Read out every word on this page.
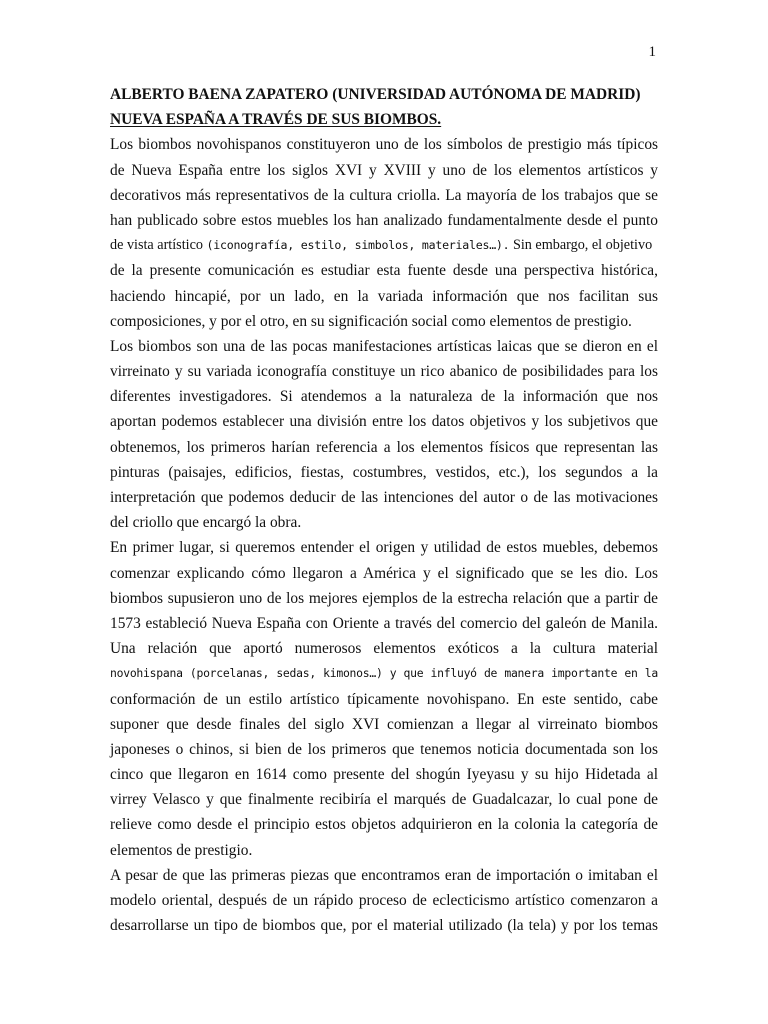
1
ALBERTO BAENA ZAPATERO (UNIVERSIDAD AUTÓNOMA DE MADRID)
NUEVA ESPAÑA A TRAVÉS DE SUS BIOMBOS.
Los biombos novohispanos constituyeron uno de los símbolos de prestigio más típicos
de Nueva España entre los siglos XVI y XVIII y uno de los elementos artísticos y
decorativos más representativos de la cultura criolla. La mayoría de los trabajos que se
han publicado sobre estos muebles los han analizado fundamentalmente desde el punto
de vista artístico (iconografía, estilo, simbolos, materiales…). Sin embargo, el objetivo
de la presente comunicación es estudiar esta fuente desde una perspectiva histórica,
haciendo hincapié, por un lado, en la variada información que nos facilitan sus
composiciones, y por el otro, en su significación social como elementos de prestigio.
Los biombos son una de las pocas manifestaciones artísticas laicas que se dieron en el
virreinato y su variada iconografía constituye un rico abanico de posibilidades para los
diferentes investigadores. Si atendemos a la naturaleza de la información que nos
aportan podemos establecer una división entre los datos objetivos y los subjetivos que
obtenemos, los primeros harían referencia a los elementos físicos que representan las
pinturas (paisajes, edificios, fiestas, costumbres, vestidos, etc.), los segundos a la
interpretación que podemos deducir de las intenciones del autor o de las motivaciones
del criollo que encargó la obra.
En primer lugar, si queremos entender el origen y utilidad de estos muebles, debemos
comenzar explicando cómo llegaron a América y el significado que se les dio. Los
biombos supusieron uno de los mejores ejemplos de la estrecha relación que a partir de
1573 estableció Nueva España con Oriente a través del comercio del galeón de Manila.
Una relación que aportó numerosos elementos exóticos a la cultura material
novohispana (porcelanas, sedas, kimonos…) y que influyó de manera importante en la
conformación de un estilo artístico típicamente novohispano. En este sentido, cabe
suponer que desde finales del siglo XVI comienzan a llegar al virreinato biombos
japoneses o chinos, si bien de los primeros que tenemos noticia documentada son los
cinco que llegaron en 1614 como presente del shogún Iyeyasu y su hijo Hidetada al
virrey Velasco y que finalmente recibiría el marqués de Guadalcazar, lo cual pone de
relieve como desde el principio estos objetos adquirieron en la colonia la categoría de
elementos de prestigio.
A pesar de que las primeras piezas que encontramos eran de importación o imitaban el
modelo oriental, después de un rápido proceso de eclecticismo artístico comenzaron a
desarrollarse un tipo de biombos que, por el material utilizado (la tela) y por los temas
